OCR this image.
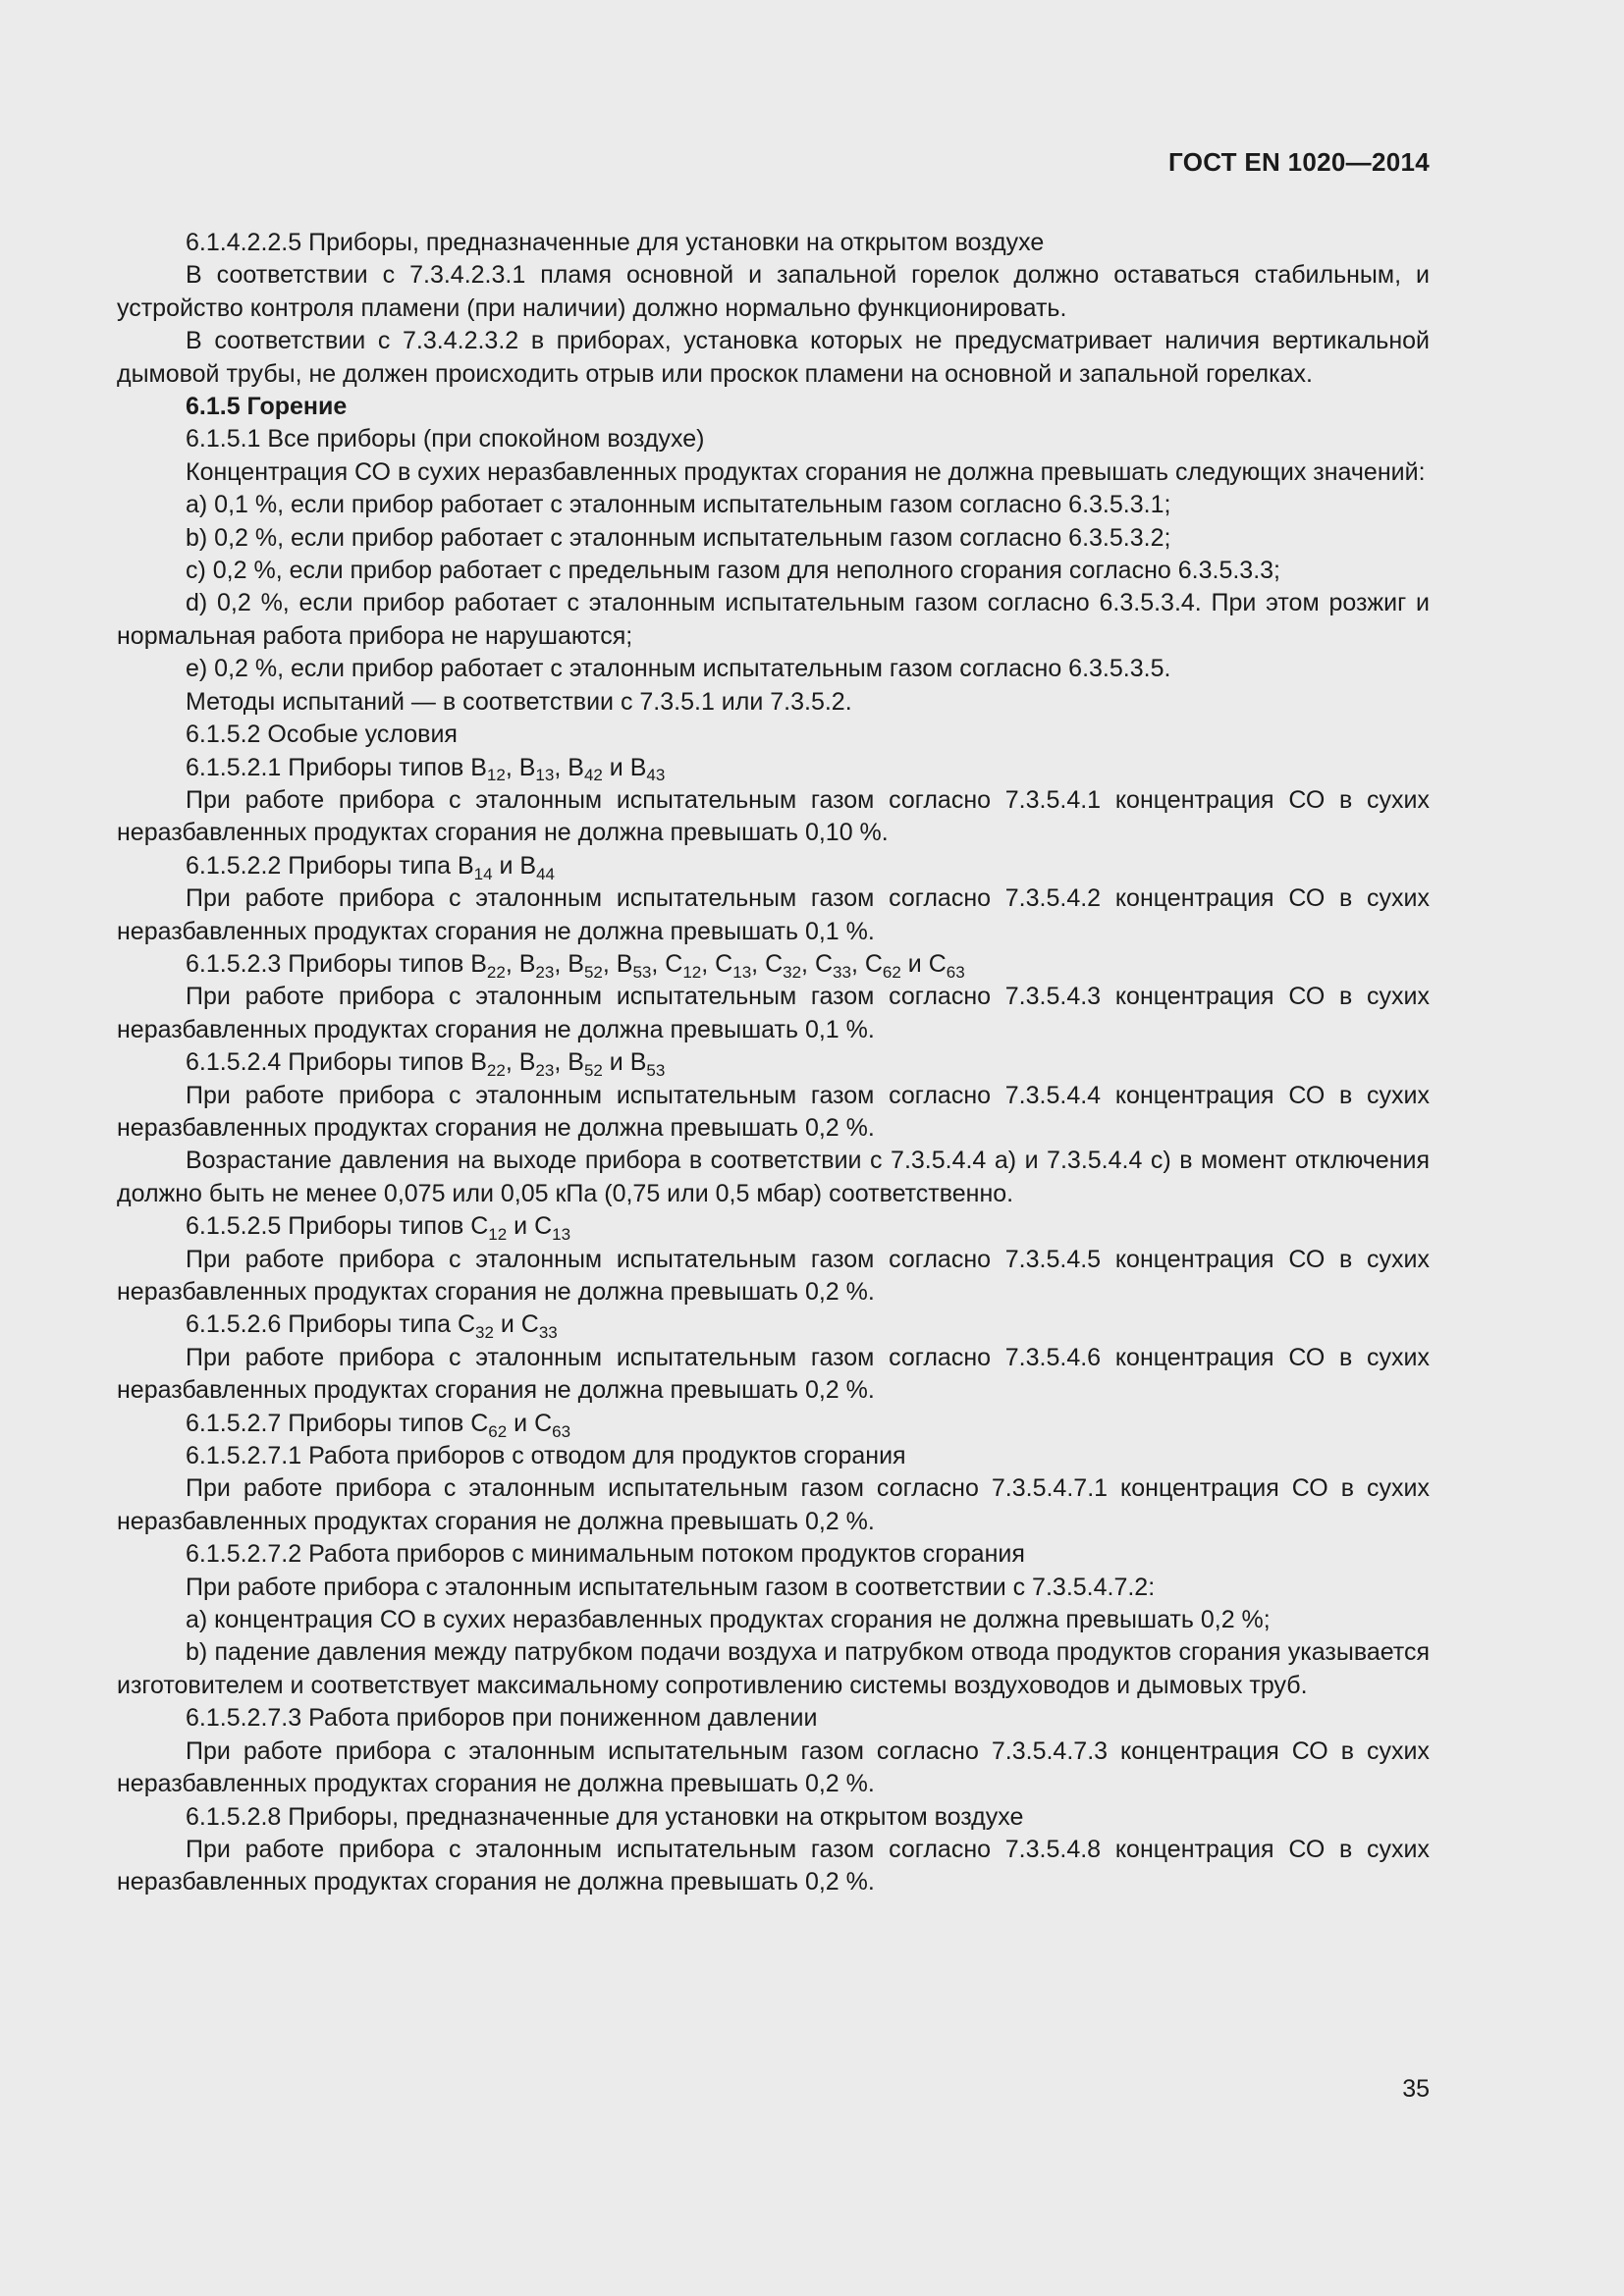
ГОСТ EN 1020—2014

6.1.4.2.2.5 Приборы, предназначенные для установки на открытом воздухе

В соответствии с 7.3.4.2.3.1 пламя основной и запальной горелок должно оставаться стабильным, и устройство контроля пламени (при наличии) должно нормально функционировать.

В соответствии с 7.3.4.2.3.2 в приборах, установка которых не предусматривает наличия вертикальной дымовой трубы, не должен происходить отрыв или проскок пламени на основной и запальной горелках.

6.1.5 Горение

6.1.5.1 Все приборы (при спокойном воздухе)

Концентрация СО в сухих неразбавленных продуктах сгорания не должна превышать следующих значений:

a) 0,1 %, если прибор работает с эталонным испытательным газом согласно 6.3.5.3.1;

b) 0,2 %, если прибор работает с эталонным испытательным газом согласно 6.3.5.3.2;

c) 0,2 %, если прибор работает с предельным газом для неполного сгорания согласно 6.3.5.3.3;

d) 0,2 %, если прибор работает с эталонным испытательным газом согласно 6.3.5.3.4. При этом розжиг и нормальная работа прибора не нарушаются;

e) 0,2 %, если прибор работает с эталонным испытательным газом согласно 6.3.5.3.5.

Методы испытаний — в соответствии с 7.3.5.1 или 7.3.5.2.

6.1.5.2 Особые условия

6.1.5.2.1 Приборы типов $B_{12}$, $B_{13}$, $B_{42}$ и $B_{43}$

При работе прибора с эталонным испытательным газом согласно 7.3.5.4.1 концентрация СО в сухих неразбавленных продуктах сгорания не должна превышать 0,10 %.

6.1.5.2.2 Приборы типа $B_{14}$ и $B_{44}$

При работе прибора с эталонным испытательным газом согласно 7.3.5.4.2 концентрация СО в сухих неразбавленных продуктах сгорания не должна превышать 0,1 %.

6.1.5.2.3 Приборы типов $B_{22}$, $B_{23}$, $B_{52}$, $B_{53}$, $C_{12}$, $C_{13}$, $C_{32}$, $C_{33}$, $C_{62}$ и $C_{63}$

При работе прибора с эталонным испытательным газом согласно 7.3.5.4.3 концентрация СО в сухих неразбавленных продуктах сгорания не должна превышать 0,1 %.

6.1.5.2.4 Приборы типов $B_{22}$, $B_{23}$, $B_{52}$ и $B_{53}$

При работе прибора с эталонным испытательным газом согласно 7.3.5.4.4 концентрация СО в сухих неразбавленных продуктах сгорания не должна превышать 0,2 %.

Возрастание давления на выходе прибора в соответствии с 7.3.5.4.4 а) и 7.3.5.4.4 с) в момент отключения должно быть не менее 0,075 или 0,05 кПа (0,75 или 0,5 мбар) соответственно.

6.1.5.2.5 Приборы типов $C_{12}$ и $C_{13}$

При работе прибора с эталонным испытательным газом согласно 7.3.5.4.5 концентрация СО в сухих неразбавленных продуктах сгорания не должна превышать 0,2 %.

6.1.5.2.6 Приборы типа $C_{32}$ и $C_{33}$

При работе прибора с эталонным испытательным газом согласно 7.3.5.4.6 концентрация СО в сухих неразбавленных продуктах сгорания не должна превышать 0,2 %.

6.1.5.2.7 Приборы типов $C_{62}$ и $C_{63}$

6.1.5.2.7.1 Работа приборов с отводом для продуктов сгорания

При работе прибора с эталонным испытательным газом согласно 7.3.5.4.7.1 концентрация СО в сухих неразбавленных продуктах сгорания не должна превышать 0,2 %.

6.1.5.2.7.2 Работа приборов с минимальным потоком продуктов сгорания

При работе прибора с эталонным испытательным газом в соответствии с 7.3.5.4.7.2:

a) концентрация СО в сухих неразбавленных продуктах сгорания не должна превышать 0,2 %;

b) падение давления между патрубком подачи воздуха и патрубком отвода продуктов сгорания указывается изготовителем и соответствует максимальному сопротивлению системы воздуховодов и дымовых труб.

6.1.5.2.7.3 Работа приборов при пониженном давлении

При работе прибора с эталонным испытательным газом согласно 7.3.5.4.7.3 концентрация СО в сухих неразбавленных продуктах сгорания не должна превышать 0,2 %.

6.1.5.2.8 Приборы, предназначенные для установки на открытом воздухе

При работе прибора с эталонным испытательным газом согласно 7.3.5.4.8 концентрация СО в сухих неразбавленных продуктах сгорания не должна превышать 0,2 %.

35
